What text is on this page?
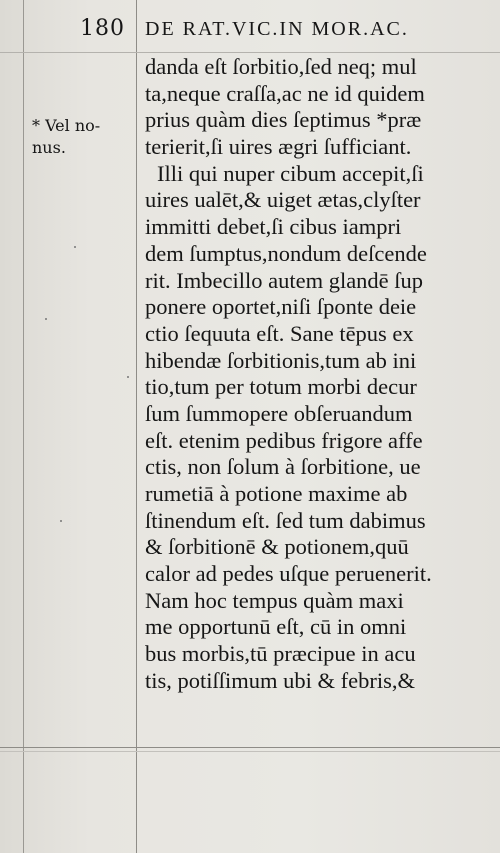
180 DE RAT.VIC.IN MOR.AC.
* Vel no-
nus.
danda eſt ſorbitio,ſed neq; mul
ta,neque craſſa,ac ne id quidem
prius quàm dies ſeptimus *præ
terierit,ſi uires ægri ſufficiant.
Illi qui nuper cibum accepit,ſi
uires ualēt,& uiget ætas,clyſter
immitti debet,ſi cibus iampri
dem ſumptus,nondum deſcende
rit. Imbecillo autem glandē ſup
ponere oportet,niſi ſponte deie
ctio ſequuta eſt. Sane tēpus ex
hibendæ ſorbitionis,tum ab ini
tio,tum per totum morbi decur
ſum ſummopere obſeruandum
eſt. etenim pedibus frigore affe
ctis, non ſolum à ſorbitione, ue
rumetiā à potione maxime ab
ſtinendum eſt. ſed tum dabimus
& ſorbitionē & potionem,quū
calor ad pedes uſque peruenerit.
Nam hoc tempus quàm maxi
me opportunū eſt, cū in omni
bus morbis,tū præcipue in acu
tis, potiſſimum ubi & febris,&
